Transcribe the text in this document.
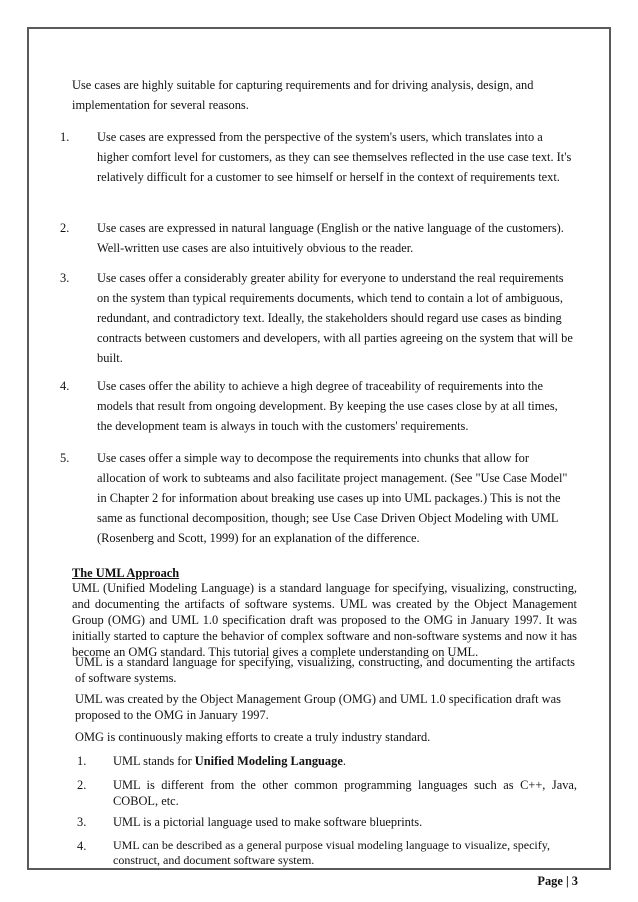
Use cases are highly suitable for capturing requirements and for driving analysis, design, and implementation for several reasons.

1. Use cases are expressed from the perspective of the system's users, which translates into a higher comfort level for customers, as they can see themselves reflected in the use case text. It's relatively difficult for a customer to see himself or herself in the context of requirements text.

2. Use cases are expressed in natural language (English or the native language of the customers). Well-written use cases are also intuitively obvious to the reader.

3. Use cases offer a considerably greater ability for everyone to understand the real requirements on the system than typical requirements documents, which tend to contain a lot of ambiguous, redundant, and contradictory text. Ideally, the stakeholders should regard use cases as binding contracts between customers and developers, with all parties agreeing on the system that will be built.

4. Use cases offer the ability to achieve a high degree of traceability of requirements into the models that result from ongoing development. By keeping the use cases close by at all times, the development team is always in touch with the customers' requirements.

5. Use cases offer a simple way to decompose the requirements into chunks that allow for allocation of work to subteams and also facilitate project management. (See "Use Case Model" in Chapter 2 for information about breaking use cases up into UML packages.) This is not the same as functional decomposition, though; see Use Case Driven Object Modeling with UML (Rosenberg and Scott, 1999) for an explanation of the difference.

The UML Approach

UML (Unified Modeling Language) is a standard language for specifying, visualizing, constructing, and documenting the artifacts of software systems. UML was created by the Object Management Group (OMG) and UML 1.0 specification draft was proposed to the OMG in January 1997. It was initially started to capture the behavior of complex software and non-software systems and now it has become an OMG standard. This tutorial gives a complete understanding on UML.

UML is a standard language for specifying, visualizing, constructing, and documenting the artifacts of software systems.

UML was created by the Object Management Group (OMG) and UML 1.0 specification draft was proposed to the OMG in January 1997.

OMG is continuously making efforts to create a truly industry standard.

1. UML stands for Unified Modeling Language.

2. UML is different from the other common programming languages such as C++, Java, COBOL, etc.

3. UML is a pictorial language used to make software blueprints.

4. UML can be described as a general purpose visual modeling language to visualize, specify, construct, and document software system.

Page | 3
